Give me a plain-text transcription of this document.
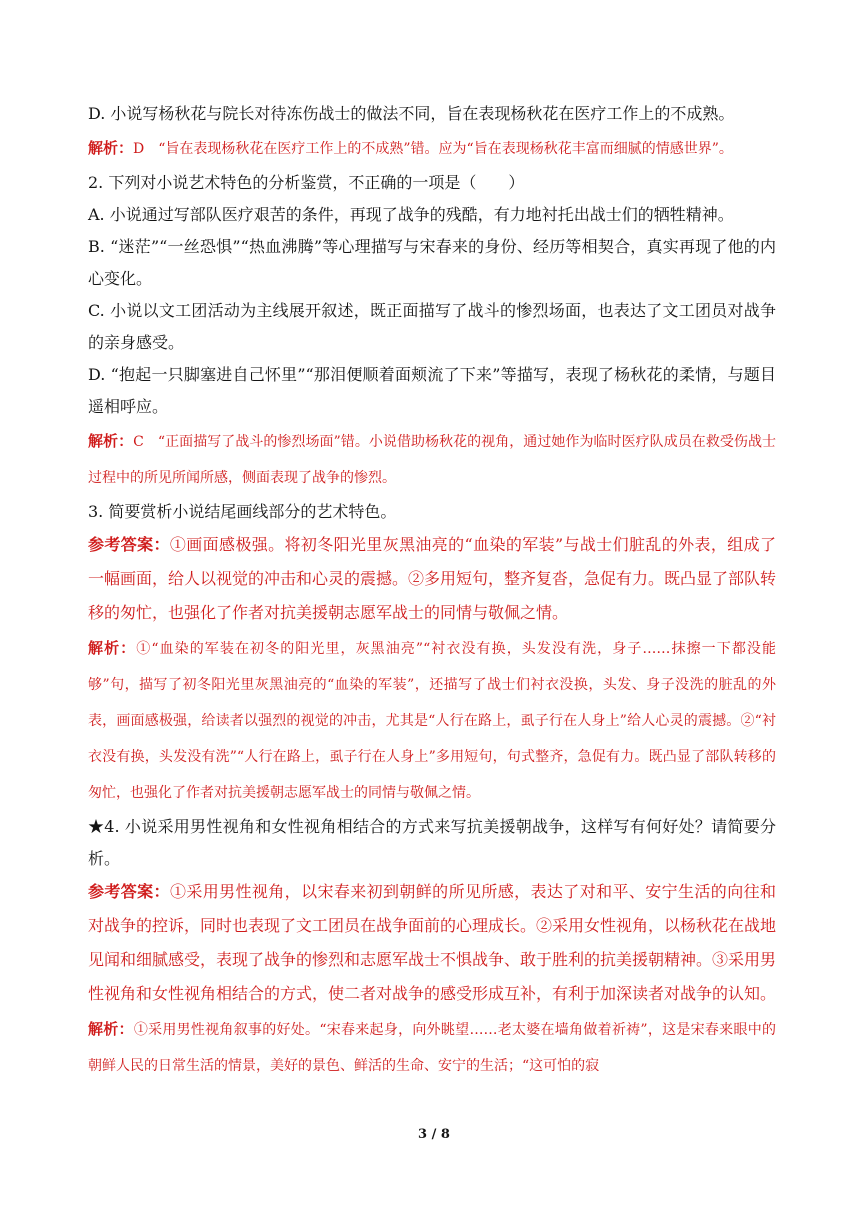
D. 小说写杨秋花与院长对待冻伤战士的做法不同，旨在表现杨秋花在医疗工作上的不成熟。

解析：D　“旨在表现杨秋花在医疗工作上的不成熟”错。应为“旨在表现杨秋花丰富而细腻的情感世界”。

2. 下列对小说艺术特色的分析鉴赏，不正确的一项是（　　）

A. 小说通过写部队医疗艰苦的条件，再现了战争的残酷，有力地衬托出战士们的牺牲精神。

B. “迷茫”“一丝恐惧”“热血沸腾”等心理描写与宋春来的身份、经历等相契合，真实再现了他的内心变化。

C. 小说以文工团活动为主线展开叙述，既正面描写了战斗的惨烈场面，也表达了文工团员对战争的亲身感受。

D. “抱起一只脚塞进自己怀里”“那泪便顺着面颊流了下来”等描写，表现了杨秋花的柔情，与题目遥相呼应。

解析：C　“正面描写了战斗的惨烈场面”错。小说借助杨秋花的视角，通过她作为临时医疗队成员在救受伤战士过程中的所见所闻所感，侧面表现了战争的惨烈。

3. 简要赏析小说结尾画线部分的艺术特色。

参考答案：①画面感极强。将初冬阳光里灰黑油亮的“血染的军装”与战士们脏乱的外表，组成了一幅画面，给人以视觉的冲击和心灵的震撼。②多用短句，整齐复沓，急促有力。既凸显了部队转移的匆忙，也强化了作者对抗美援朝志愿军战士的同情与敬佩之情。

解析：①“血染的军装在初冬的阳光里，灰黑油亮”“衬衣没有换，头发没有洗，身子……抹擦一下都没能够”句，描写了初冬阳光里灰黑油亮的“血染的军装”，还描写了战士们衬衣没换，头发、身子没洗的脏乱的外表，画面感极强，给读者以强烈的视觉的冲击，尤其是“人行在路上，虱子行在人身上”给人心灵的震撼。②“衬衣没有换，头发没有洗”“人行在路上，虱子行在人身上”多用短句，句式整齐，急促有力。既凸显了部队转移的匆忙，也强化了作者对抗美援朝志愿军战士的同情与敬佩之情。

★4. 小说采用男性视角和女性视角相结合的方式来写抗美援朝战争，这样写有何好处？请简要分析。

参考答案：①采用男性视角，以宋春来初到朝鲜的所见所感，表达了对和平、安宁生活的向往和对战争的控诉，同时也表现了文工团员在战争面前的心理成长。②采用女性视角，以杨秋花在战地见闻和细腻感受，表现了战争的惨烈和志愿军战士不惧战争、敢于胜利的抗美援朝精神。③采用男性视角和女性视角相结合的方式，使二者对战争的感受形成互补，有利于加深读者对战争的认知。

解析：①采用男性视角叙事的好处。“宋春来起身，向外眺望……老太婆在墙角做着祈祷”，这是宋春来眼中的朝鲜人民的日常生活的情景，美好的景色、鲜活的生命、安宁的生活；“这可怕的寂

3 / 8
